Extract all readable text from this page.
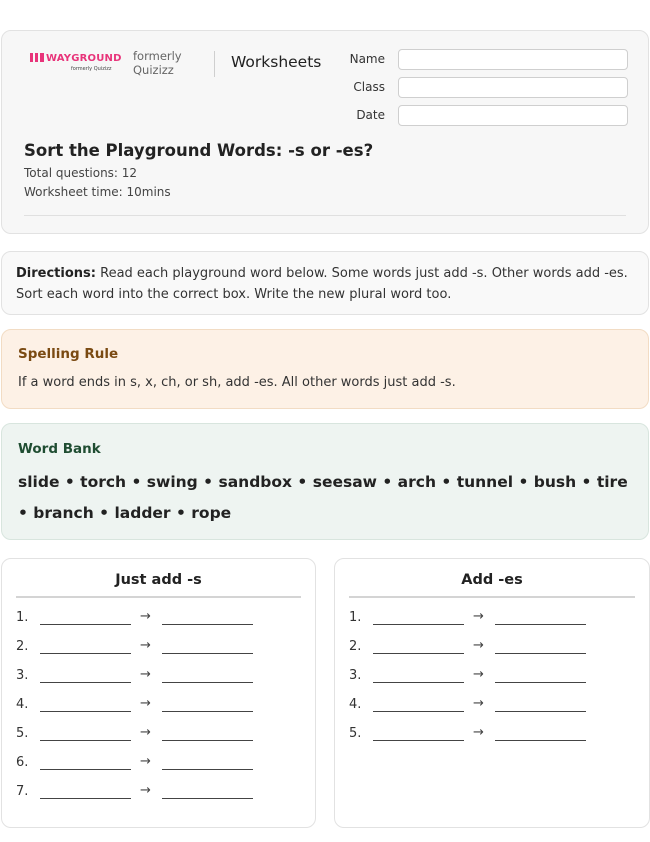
WAYGROUND
formerly Quizizz
formerly Quizizz	Worksheets	Name
Class
Date
Sort the Playground Words: -s or -es?
Total questions: 12
Worksheet time: 10mins
Directions: Read each playground word below. Some words just add -s. Other words add -es. Sort each word into the correct box. Write the new plural word too.
Spelling Rule
If a word ends in s, x, ch, or sh, add -es. All other words just add -s.
Word Bank
slide • torch • swing • sandbox • seesaw • arch • tunnel • bush • tire • branch • ladder • rope
Just add -s
1.	→
2.	→
3.	→
4.	→
5.	→
6.	→
7.	→
Add -es
1.	→
2.	→
3.	→
4.	→
5.	→
